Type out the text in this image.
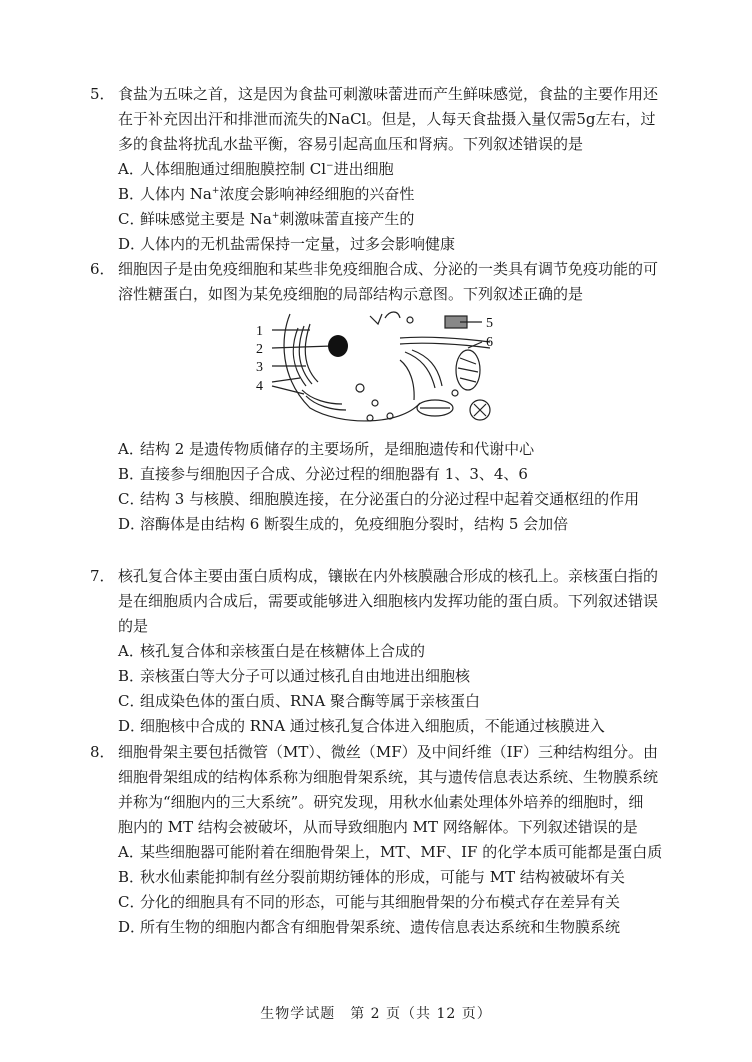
5． 食盐为五味之首，这是因为食盐可刺激味蕾进而产生鲜味感觉，食盐的主要作用还

在于补充因出汗和排泄而流失的NaCl。但是，人每天食盐摄入量仅需5g左右，过

多的食盐将扰乱水盐平衡，容易引起高血压和肾病。下列叙述错误的是

A．人体细胞通过细胞膜控制 Cl−进出细胞

B．人体内 Na+浓度会影响神经细胞的兴奋性

C．鲜味感觉主要是 Na+刺激味蕾直接产生的

D．人体内的无机盐需保持一定量，过多会影响健康

6． 细胞因子是由免疫细胞和某些非免疫细胞合成、分泌的一类具有调节免疫功能的可

溶性糖蛋白，如图为某免疫细胞的局部结构示意图。下列叙述正确的是

1
2
3
4
5
6

A．结构 2 是遗传物质储存的主要场所，是细胞遗传和代谢中心

B．直接参与细胞因子合成、分泌过程的细胞器有 1、3、4、6

C．结构 3 与核膜、细胞膜连接，在分泌蛋白的分泌过程中起着交通枢纽的作用

D．溶酶体是由结构 6 断裂生成的，免疫细胞分裂时，结构 5 会加倍

7． 核孔复合体主要由蛋白质构成，镶嵌在内外核膜融合形成的核孔上。亲核蛋白指的

是在细胞质内合成后，需要或能够进入细胞核内发挥功能的蛋白质。下列叙述错误

的是

A．核孔复合体和亲核蛋白是在核糖体上合成的

B．亲核蛋白等大分子可以通过核孔自由地进出细胞核

C．组成染色体的蛋白质、RNA 聚合酶等属于亲核蛋白

D．细胞核中合成的 RNA 通过核孔复合体进入细胞质，不能通过核膜进入

8． 细胞骨架主要包括微管（MT）、微丝（MF）及中间纤维（IF）三种结构组分。由

细胞骨架组成的结构体系称为细胞骨架系统，其与遗传信息表达系统、生物膜系统

并称为“细胞内的三大系统”。研究发现，用秋水仙素处理体外培养的细胞时，细

胞内的 MT 结构会被破坏，从而导致细胞内 MT 网络解体。下列叙述错误的是

A．某些细胞器可能附着在细胞骨架上，MT、MF、IF 的化学本质可能都是蛋白质

B．秋水仙素能抑制有丝分裂前期纺锤体的形成，可能与 MT 结构被破坏有关

C．分化的细胞具有不同的形态，可能与其细胞骨架的分布模式存在差异有关

D．所有生物的细胞内都含有细胞骨架系统、遗传信息表达系统和生物膜系统

生物学试题　第 2 页（共 12 页）
